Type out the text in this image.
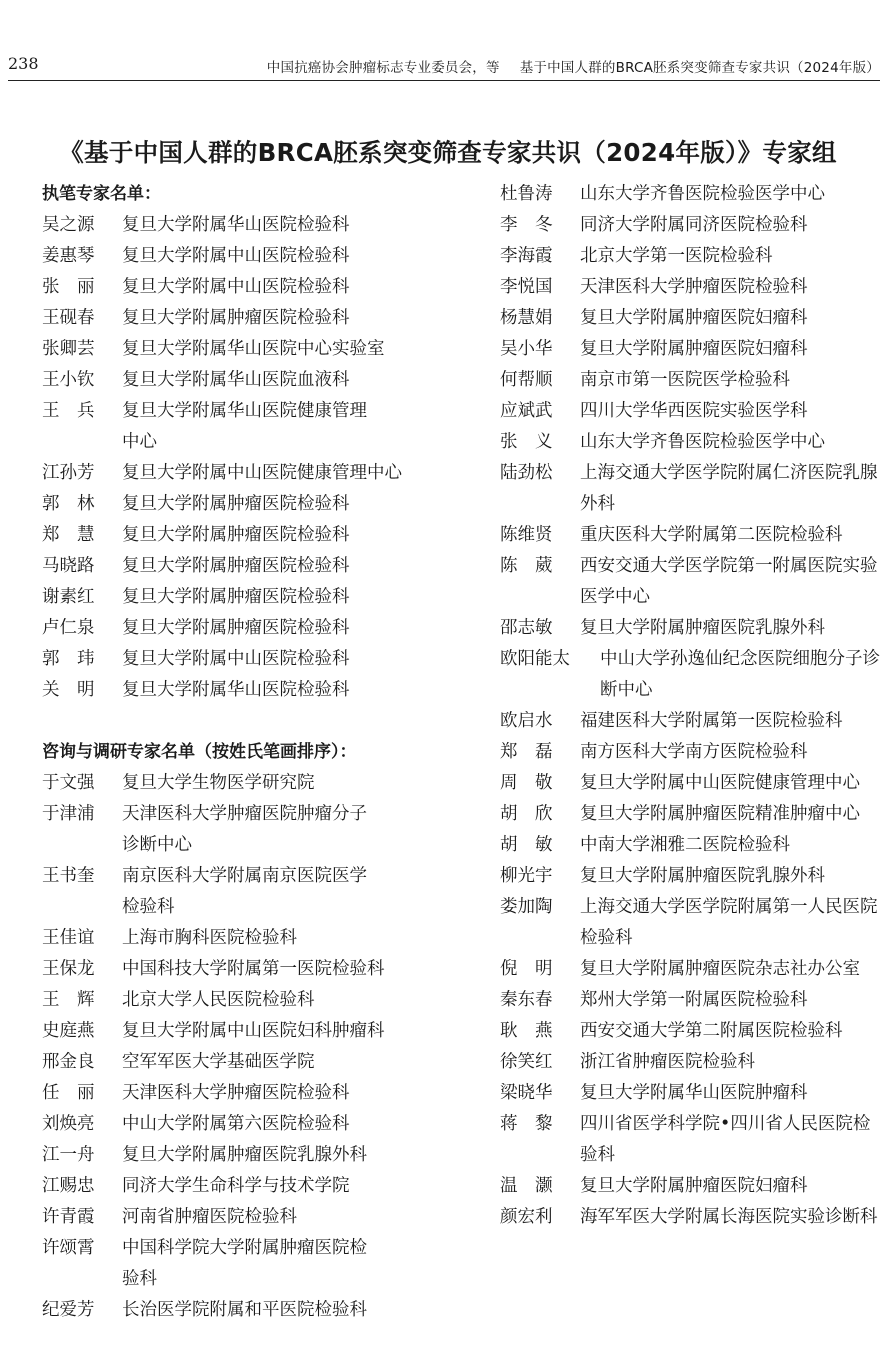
238	中国抗癌协会肿瘤标志专业委员会，等 基于中国人群的BRCA胚系突变筛查专家共识（2024年版）
《基于中国人群的BRCA胚系突变筛查专家共识（2024年版）》专家组
执笔专家名单：
吴之源	复旦大学附属华山医院检验科
姜惠琴	复旦大学附属中山医院检验科
张　丽	复旦大学附属中山医院检验科
王砚春	复旦大学附属肿瘤医院检验科
张卿芸	复旦大学附属华山医院中心实验室
王小钦	复旦大学附属华山医院血液科
王　兵	复旦大学附属华山医院健康管理
中心
江孙芳	复旦大学附属中山医院健康管理中心
郭　林	复旦大学附属肿瘤医院检验科
郑　慧	复旦大学附属肿瘤医院检验科
马晓路	复旦大学附属肿瘤医院检验科
谢素红	复旦大学附属肿瘤医院检验科
卢仁泉	复旦大学附属肿瘤医院检验科
郭　玮	复旦大学附属中山医院检验科
关　明	复旦大学附属华山医院检验科
咨询与调研专家名单（按姓氏笔画排序）：
于文强	复旦大学生物医学研究院
于津浦	天津医科大学肿瘤医院肿瘤分子
诊断中心
王书奎	南京医科大学附属南京医院医学
检验科
王佳谊	上海市胸科医院检验科
王保龙	中国科技大学附属第一医院检验科
王　辉	北京大学人民医院检验科
史庭燕	复旦大学附属中山医院妇科肿瘤科
邢金良	空军军医大学基础医学院
任　丽	天津医科大学肿瘤医院检验科
刘焕亮	中山大学附属第六医院检验科
江一舟	复旦大学附属肿瘤医院乳腺外科
江赐忠	同济大学生命科学与技术学院
许青霞	河南省肿瘤医院检验科
许颂霄	中国科学院大学附属肿瘤医院检
验科
纪爱芳	长治医学院附属和平医院检验科
杜鲁涛	山东大学齐鲁医院检验医学中心
李　冬	同济大学附属同济医院检验科
李海霞	北京大学第一医院检验科
李悦国	天津医科大学肿瘤医院检验科
杨慧娟	复旦大学附属肿瘤医院妇瘤科
吴小华	复旦大学附属肿瘤医院妇瘤科
何帮顺	南京市第一医院医学检验科
应斌武	四川大学华西医院实验医学科
张　义	山东大学齐鲁医院检验医学中心
陆劲松	上海交通大学医学院附属仁济医院乳腺外科
陈维贤	重庆医科大学附属第二医院检验科
陈　葳	西安交通大学医学院第一附属医院实验医学中心
邵志敏	复旦大学附属肿瘤医院乳腺外科
欧阳能太	中山大学孙逸仙纪念医院细胞分子诊断中心
欧启水	福建医科大学附属第一医院检验科
郑　磊	南方医科大学南方医院检验科
周　敬	复旦大学附属中山医院健康管理中心
胡　欣	复旦大学附属肿瘤医院精准肿瘤中心
胡　敏	中南大学湘雅二医院检验科
柳光宇	复旦大学附属肿瘤医院乳腺外科
娄加陶	上海交通大学医学院附属第一人民医院检验科
倪　明	复旦大学附属肿瘤医院杂志社办公室
秦东春	郑州大学第一附属医院检验科
耿　燕	西安交通大学第二附属医院检验科
徐笑红	浙江省肿瘤医院检验科
梁晓华	复旦大学附属华山医院肿瘤科
蒋　黎	四川省医学科学院•四川省人民医院检验科
温　灏	复旦大学附属肿瘤医院妇瘤科
颜宏利	海军军医大学附属长海医院实验诊断科
